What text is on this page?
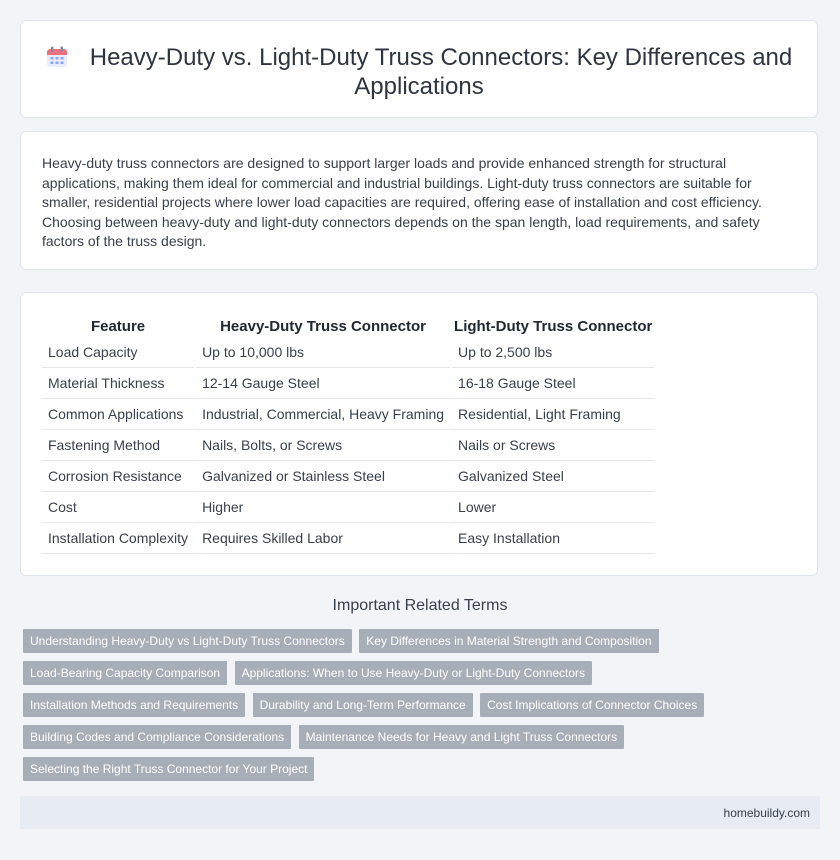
Heavy-Duty vs. Light-Duty Truss Connectors: Key Differences and Applications
Heavy-duty truss connectors are designed to support larger loads and provide enhanced strength for structural applications, making them ideal for commercial and industrial buildings. Light-duty truss connectors are suitable for smaller, residential projects where lower load capacities are required, offering ease of installation and cost efficiency. Choosing between heavy-duty and light-duty connectors depends on the span length, load requirements, and safety factors of the truss design.
Feature	Heavy-Duty Truss Connector	Light-Duty Truss Connector
Load Capacity	Up to 10,000 lbs	Up to 2,500 lbs
Material Thickness	12-14 Gauge Steel	16-18 Gauge Steel
Common Applications	Industrial, Commercial, Heavy Framing	Residential, Light Framing
Fastening Method	Nails, Bolts, or Screws	Nails or Screws
Corrosion Resistance	Galvanized or Stainless Steel	Galvanized Steel
Cost	Higher	Lower
Installation Complexity	Requires Skilled Labor	Easy Installation
Important Related Terms
Understanding Heavy-Duty vs Light-Duty Truss Connectors Key Differences in Material Strength and Composition Load-Bearing Capacity Comparison Applications: When to Use Heavy-Duty or Light-Duty Connectors Installation Methods and Requirements Durability and Long-Term Performance Cost Implications of Connector Choices Building Codes and Compliance Considerations Maintenance Needs for Heavy and Light Truss Connectors Selecting the Right Truss Connector for Your Project
homebuildy.com
